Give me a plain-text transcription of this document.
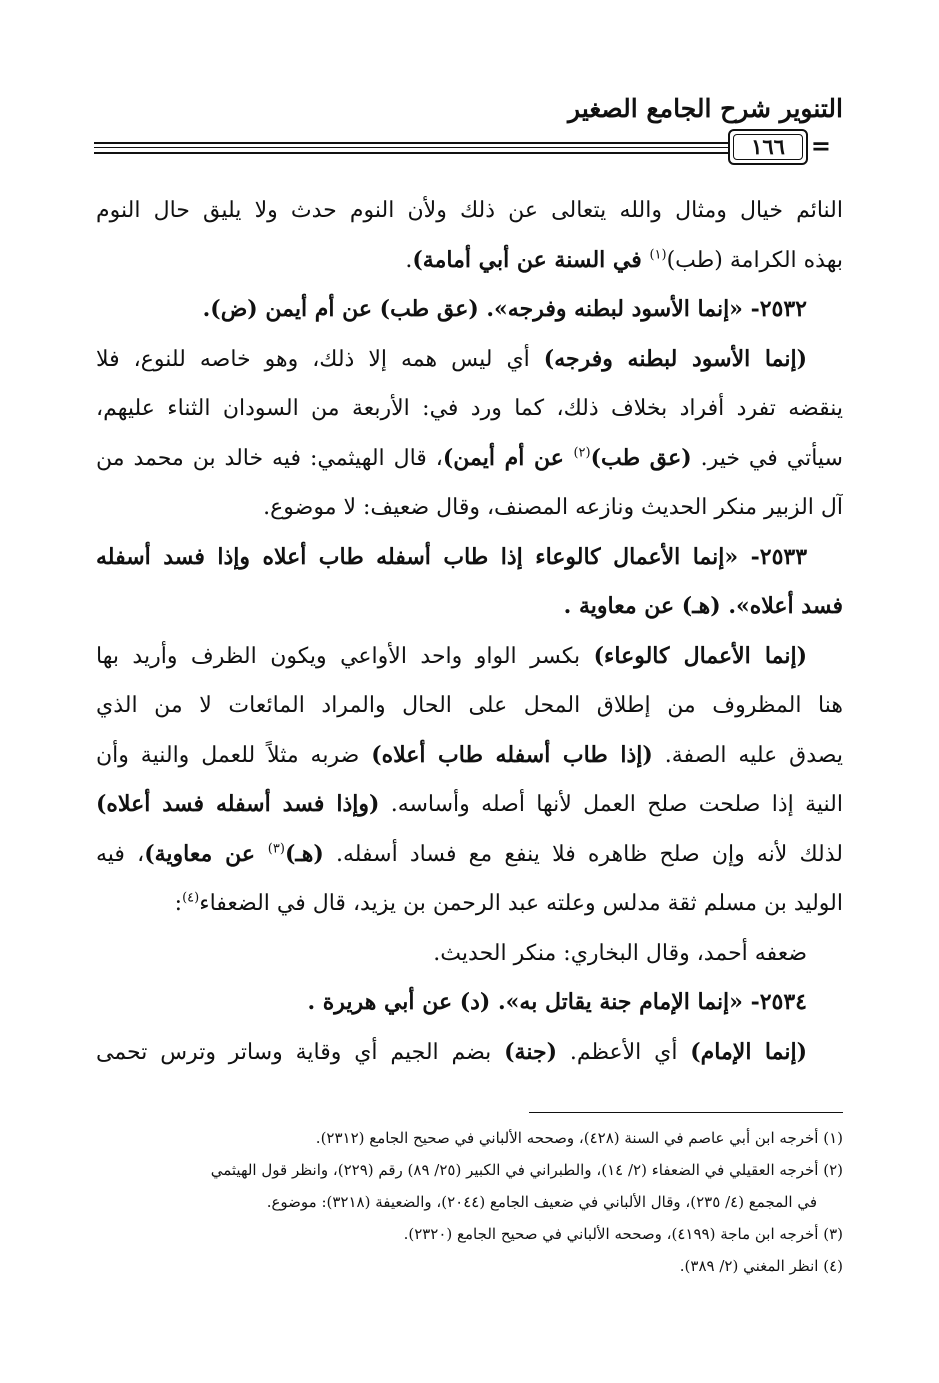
التنوير شرح الجامع الصغير
١٦٦	=
النائم خيال ومثال والله يتعالى عن ذلك ولأن النوم حدث ولا يليق حال النوم
بهذه الكرامة (طب)$^{(١)}$ في السنة عن أبي أمامة).
٢٥٣٢- «إنما الأسود لبطنه وفرجه». (عق طب) عن أم أيمن (ض).
(إنما الأسود لبطنه وفرجه) أي ليس همه إلا ذلك، وهو خاصه للنوع، فلا
ينقضه تفرد أفراد بخلاف ذلك، كما ورد في: الأربعة من السودان الثناء عليهم،
سيأتي في خير. (عق طب)$^{(٢)}$ عن أم أيمن)، قال الهيثمي: فيه خالد بن محمد من
آل الزبير منكر الحديث ونازعه المصنف، وقال ضعيف: لا موضوع.
٢٥٣٣- «إنما الأعمال كالوعاء إذا طاب أسفله طاب أعلاه وإذا فسد أسفله
فسد أعلاه». (هـ) عن معاوية .
(إنما الأعمال كالوعاء) بكسر الواو واحد الأواعي ويكون الظرف وأريد بها
هنا المظروف من إطلاق المحل على الحال والمراد المائعات لا من الذي
يصدق عليه الصفة. (إذا طاب أسفله طاب أعلاه) ضربه مثلاً للعمل والنية وأن
النية إذا صلحت صلح العمل لأنها أصله وأساسه. (وإذا فسد أسفله فسد أعلاه)
لذلك لأنه وإن صلح ظاهره فلا ينفع مع فساد أسفله. (هـ)$^{(٣)}$ عن معاوية)، فيه
الوليد بن مسلم ثقة مدلس وعلته عبد الرحمن بن يزيد، قال في الضعفاء$^{(٤)}$:
ضعفه أحمد، وقال البخاري: منكر الحديث.
٢٥٣٤- «إنما الإمام جنة يقاتل به». (د) عن أبي هريرة .
(إنما الإمام) أي الأعظم. (جنة) بضم الجيم أي وقاية وساتر وترس تحمى
(١) أخرجه ابن أبي عاصم في السنة (٤٢٨)، وصححه الألباني في صحيح الجامع (٢٣١٢).
(٢) أخرجه العقيلي في الضعفاء (٢/ ١٤)، والطبراني في الكبير (٢٥/ ٨٩) رقم (٢٢٩)، وانظر قول الهيثمي
في المجمع (٤/ ٢٣٥)، وقال الألباني في ضعيف الجامع (٢٠٤٤)، والضعيفة (٣٢١٨): موضوع.
(٣) أخرجه ابن ماجة (٤١٩٩)، وصححه الألباني في صحيح الجامع (٢٣٢٠).
(٤) انظر المغني (٢/ ٣٨٩).
